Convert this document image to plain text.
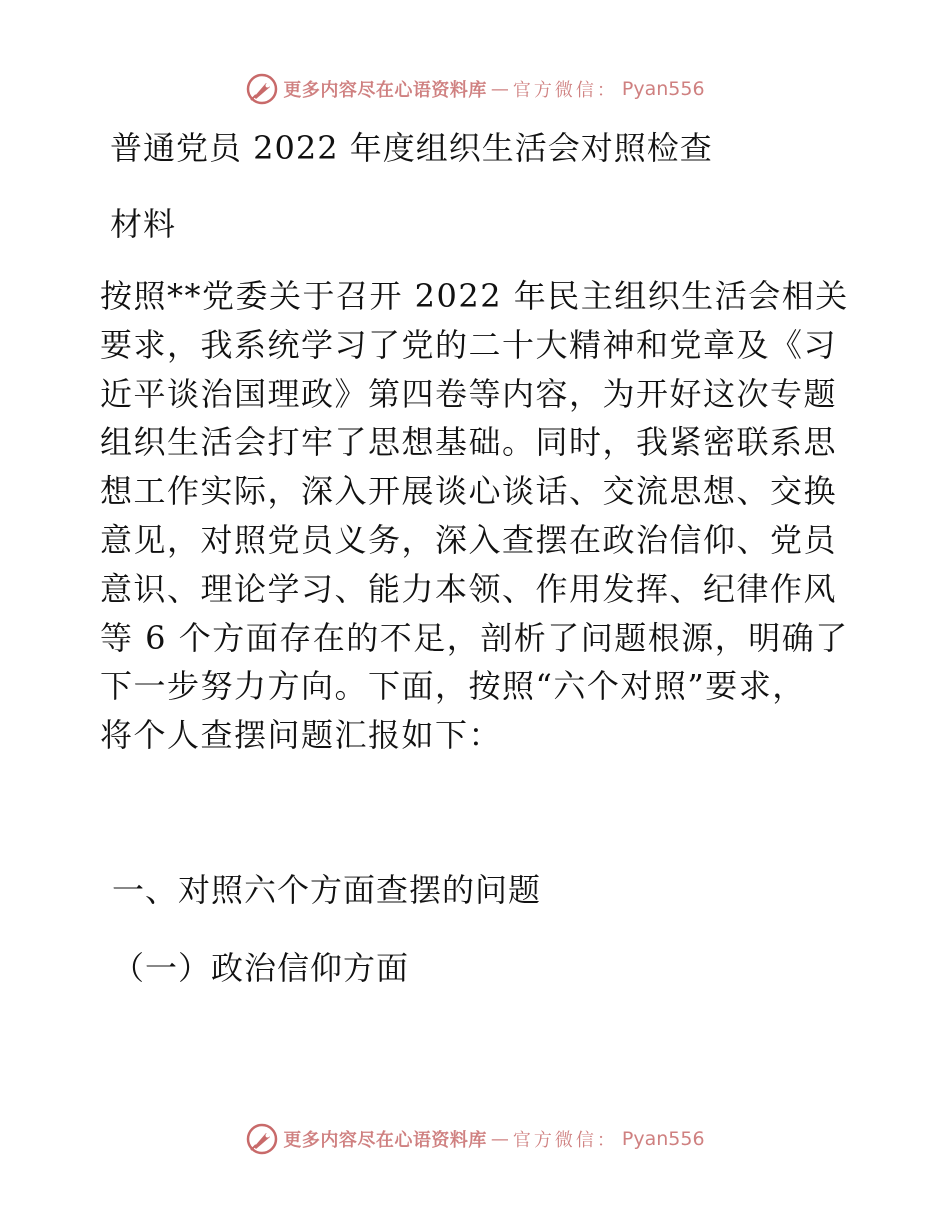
更多内容尽在心语资料库 — 官方微信： Pyan556
普通党员 2022 年度组织生活会对照检查
材料
按照**党委关于召开 2022 年民主组织生活会相关
要求，我系统学习了党的二十大精神和党章及《习
近平谈治国理政》第四卷等内容，为开好这次专题
组织生活会打牢了思想基础。同时，我紧密联系思
想工作实际，深入开展谈心谈话、交流思想、交换
意见，对照党员义务，深入查摆在政治信仰、党员
意识、理论学习、能力本领、作用发挥、纪律作风
等 6 个方面存在的不足，剖析了问题根源，明确了
下一步努力方向。下面，按照“六个对照”要求，
将个人查摆问题汇报如下：
一、对照六个方面查摆的问题
（一）政治信仰方面
更多内容尽在心语资料库 — 官方微信： Pyan556
